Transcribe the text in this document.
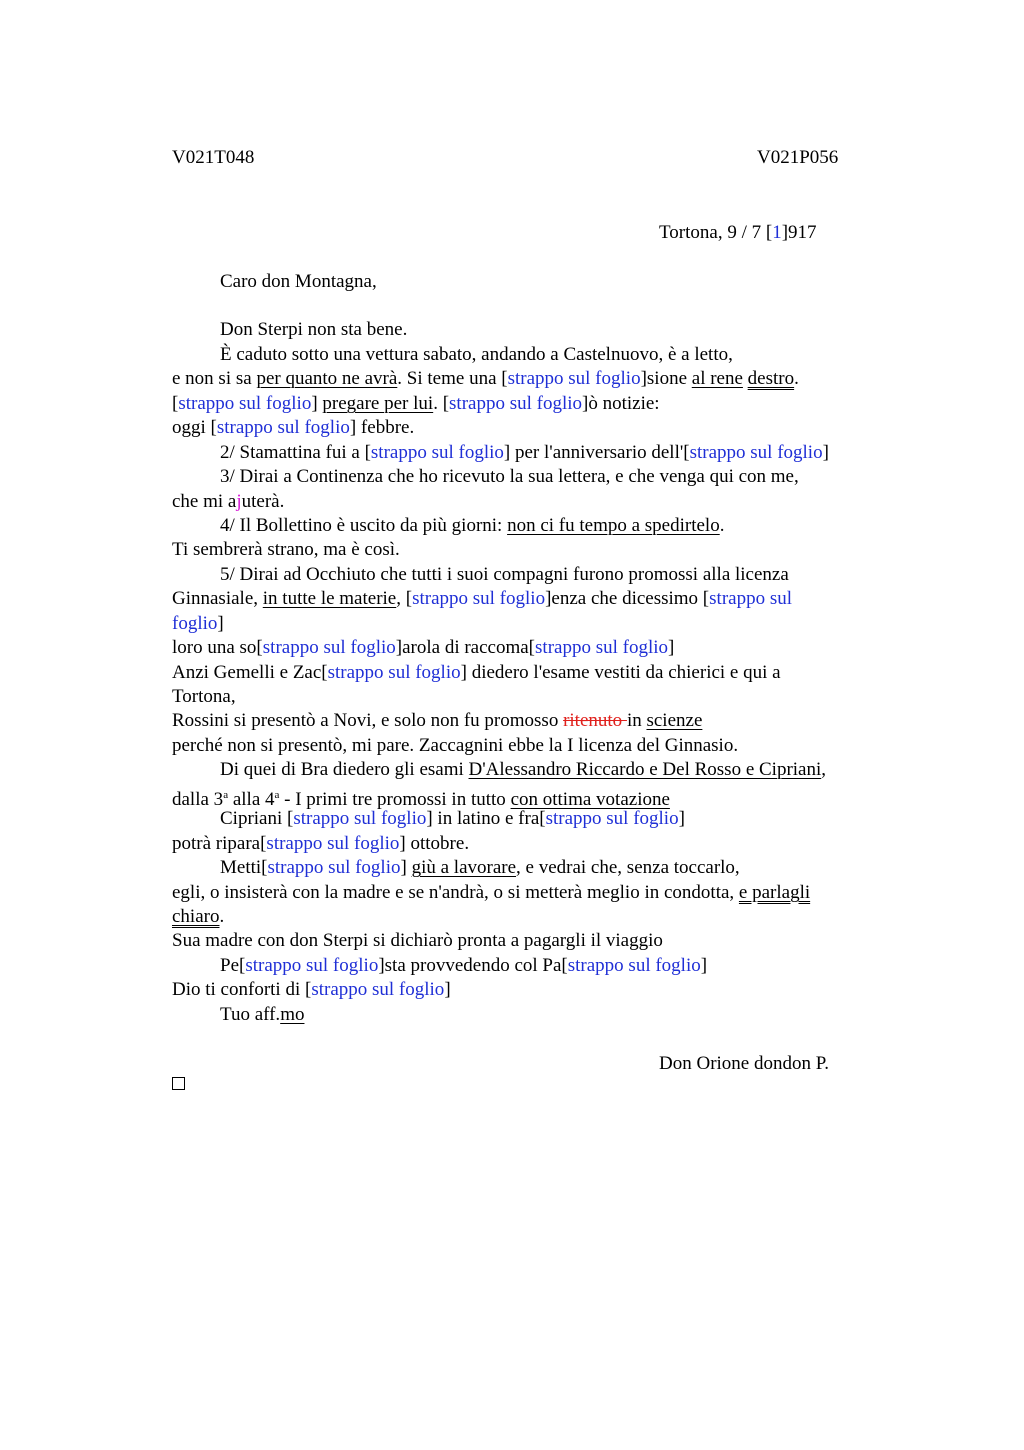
V021T048	V021P056
Tortona, 9 / 7 [1]917
Caro don Montagna,
Don Sterpi non sta bene.
È caduto sotto una vettura sabato, andando a Castelnuovo, è a letto,
e non si sa per quanto ne avrà. Si teme una [strappo sul foglio]sione al rene destro.
[strappo sul foglio] pregare per lui. [strappo sul foglio]ò notizie:
oggi [strappo sul foglio] febbre.
2/ Stamattina fui a [strappo sul foglio] per l'anniversario dell'[strappo sul foglio]
3/ Dirai a Continenza che ho ricevuto la sua lettera, e che venga qui con me,
che mi ajuterà.
4/ Il Bollettino è uscito da più giorni: non ci fu tempo a spedirtelo.
Ti sembrerà strano, ma è così.
5/ Dirai ad Occhiuto che tutti i suoi compagni furono promossi alla licenza
Ginnasiale, in tutte le materie, [strappo sul foglio]enza che dicessimo [strappo sul
foglio]
loro una so[strappo sul foglio]arola di raccoma[strappo sul foglio]
Anzi Gemelli e Zac[strappo sul foglio] diedero l'esame vestiti da chierici e qui a
Tortona,
Rossini si presentò a Novi, e solo non fu promosso ritenuto in scienze
perché non si presentò, mi pare. Zaccagnini ebbe la I licenza del Ginnasio.
Di quei di Bra diedero gli esami D'Alessandro Riccardo e Del Rosso e Cipriani,
dalla 3$^a$ alla 4$^a$ - I primi tre promossi in tutto con ottima votazione
Cipriani [strappo sul foglio] in latino e fra[strappo sul foglio]
potrà ripara[strappo sul foglio] ottobre.
Metti[strappo sul foglio] giù a lavorare, e vedrai che, senza toccarlo,
egli, o insisterà con la madre e se n'andrà, o si metterà meglio in condotta, e parlagli
chiaro.
Sua madre con don Sterpi si dichiarò pronta a pagargli il viaggio
Pe[strappo sul foglio]sta provvedendo col Pa[strappo sul foglio]
Dio ti conforti di [strappo sul foglio]
Tuo aff.mo
Don Orione dondon P.
